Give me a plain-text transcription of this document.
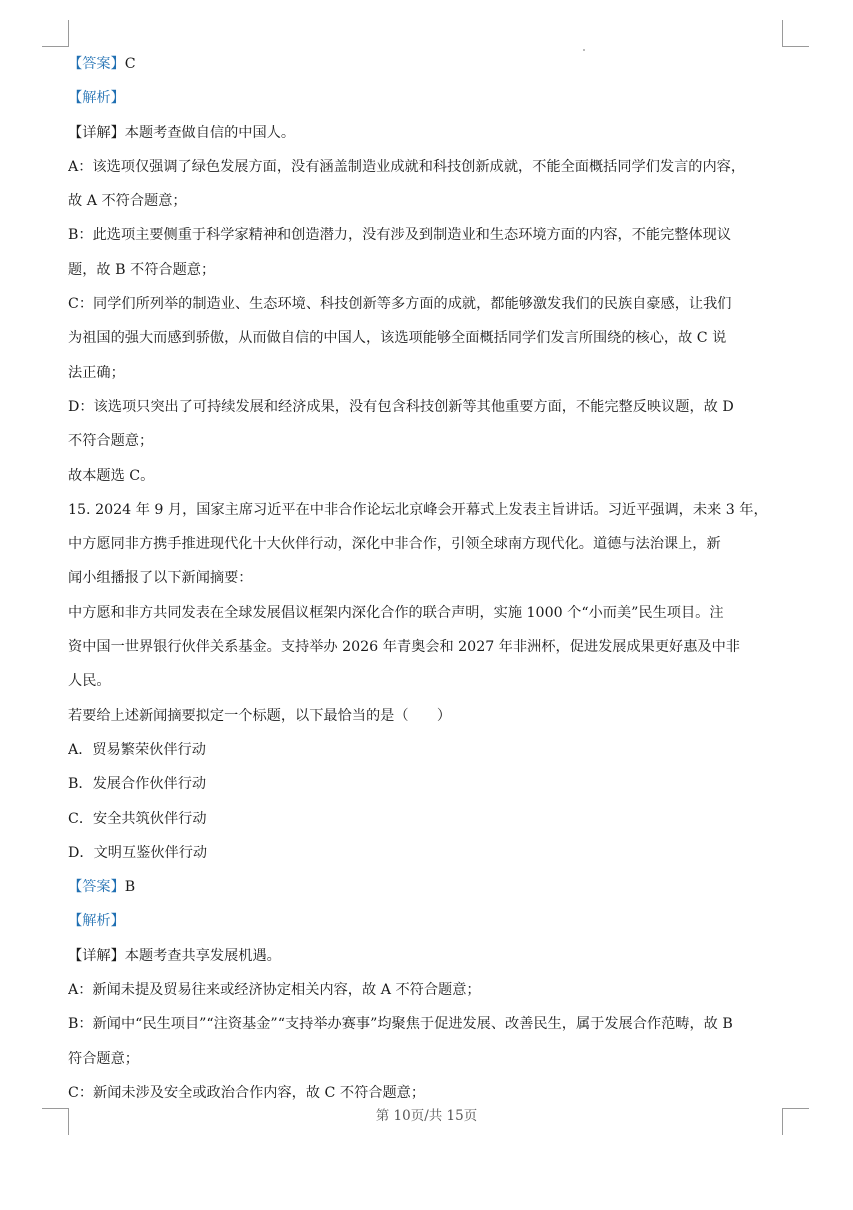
【答案】C
【解析】
【详解】本题考查做自信的中国人。
A：该选项仅强调了绿色发展方面，没有涵盖制造业成就和科技创新成就，不能全面概括同学们发言的内容，
故 A 不符合题意；
B：此选项主要侧重于科学家精神和创造潜力，没有涉及到制造业和生态环境方面的内容，不能完整体现议
题，故 B 不符合题意；
C：同学们所列举的制造业、生态环境、科技创新等多方面的成就，都能够激发我们的民族自豪感，让我们
为祖国的强大而感到骄傲，从而做自信的中国人，该选项能够全面概括同学们发言所围绕的核心，故 C 说
法正确；
D：该选项只突出了可持续发展和经济成果，没有包含科技创新等其他重要方面，不能完整反映议题，故 D
不符合题意；
故本题选 C。
15. 2024 年 9 月，国家主席习近平在中非合作论坛北京峰会开幕式上发表主旨讲话。习近平强调，未来 3 年，
中方愿同非方携手推进现代化十大伙伴行动，深化中非合作，引领全球南方现代化。道德与法治课上，新
闻小组播报了以下新闻摘要：
中方愿和非方共同发表在全球发展倡议框架内深化合作的联合声明，实施 1000 个“小而美”民生项目。注
资中国一世界银行伙伴关系基金。支持举办 2026 年青奥会和 2027 年非洲杯，促进发展成果更好惠及中非
人民。
若要给上述新闻摘要拟定一个标题，以下最恰当的是（　　）
A．贸易繁荣伙伴行动
B．发展合作伙伴行动
C．安全共筑伙伴行动
D．文明互鉴伙伴行动
【答案】B
【解析】
【详解】本题考查共享发展机遇。
A：新闻未提及贸易往来或经济协定相关内容，故 A 不符合题意；
B：新闻中“民生项目”“注资基金”“支持举办赛事”均聚焦于促进发展、改善民生，属于发展合作范畴，故 B
符合题意；
C：新闻未涉及安全或政治合作内容，故 C 不符合题意；
第 10页/共 15页
